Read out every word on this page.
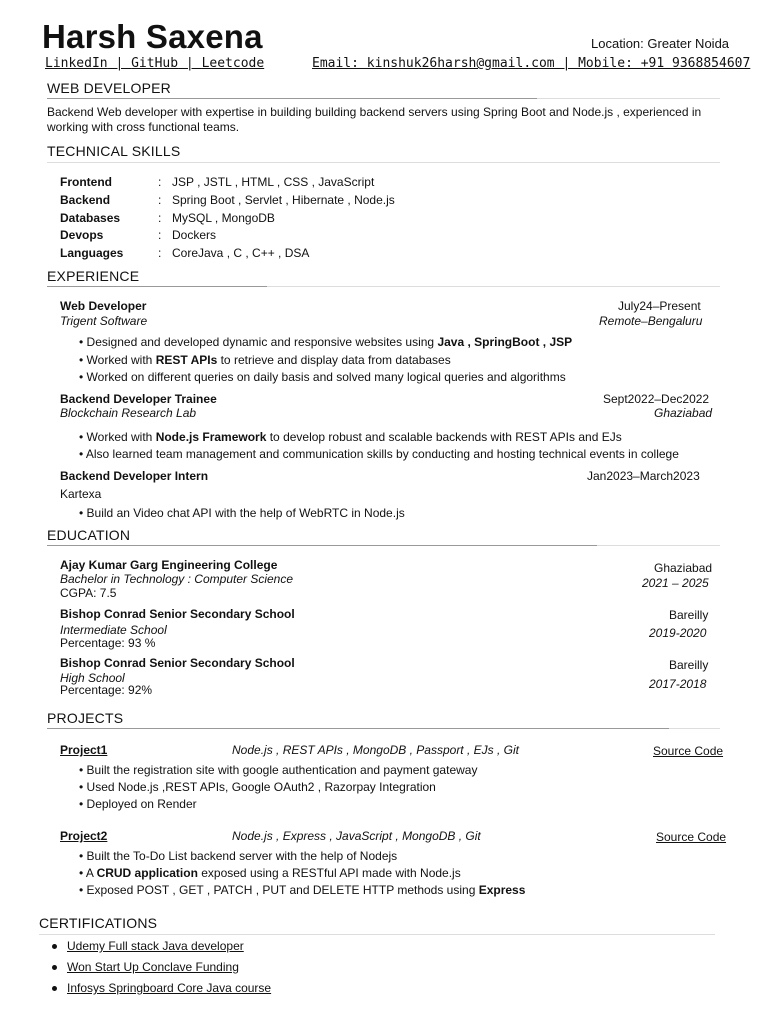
Harsh Saxena	Location: Greater Noida
LinkedIn | GitHub | Leetcode	Email: kinshuk26harsh@gmail.com | Mobile: +91 9368854607
WEB DEVELOPER
Backend Web developer with expertise in building building backend servers using Spring Boot and Node.js , experienced in
working with cross functional teams.
TECHNICAL SKILLS
Frontend	: JSP , JSTL , HTML , CSS , JavaScript
Backend	: Spring Boot , Servlet , Hibernate , Node.js
Databases	: MySQL , MongoDB
Devops	: Dockers
Languages	: CoreJava , C , C++ , DSA
EXPERIENCE
Web Developer	July24–Present
Trigent Software	Remote–Bengaluru
• Designed and developed dynamic and responsive websites using Java , SpringBoot , JSP
• Worked with REST APIs to retrieve and display data from databases
• Worked on different queries on daily basis and solved many logical queries and algorithms
Backend Developer Trainee	Sept2022–Dec2022
Blockchain Research Lab	Ghaziabad
• Worked with Node.js Framework to develop robust and scalable backends with REST APIs and EJs
• Also learned team management and communication skills by conducting and hosting technical events in college
Backend Developer Intern	Jan2023–March2023
Kartexa
• Build an Video chat API with the help of WebRTC in Node.js
EDUCATION
Ajay Kumar Garg Engineering College	Ghaziabad
Bachelor in Technology : Computer Science	2021 – 2025
CGPA: 7.5
Bishop Conrad Senior Secondary School	Bareilly
Intermediate School	2019-2020
Percentage: 93 %
Bishop Conrad Senior Secondary School	Bareilly
High School	2017-2018
Percentage: 92%
PROJECTS
Project1	Node.js , REST APIs , MongoDB , Passport , EJs , Git	Source Code
• Built the registration site with google authentication and payment gateway
• Used Node.js ,REST APIs, Google OAuth2 , Razorpay Integration
• Deployed on Render
Project2	Node.js , Express , JavaScript , MongoDB , Git	Source Code
• Built the To-Do List backend server with the help of Nodejs
• A CRUD application exposed using a RESTful API made with Node.js
• Exposed POST , GET , PATCH , PUT and DELETE HTTP methods using Express
CERTIFICATIONS
Udemy Full stack Java developer
Won Start Up Conclave Funding
Infosys Springboard Core Java course
